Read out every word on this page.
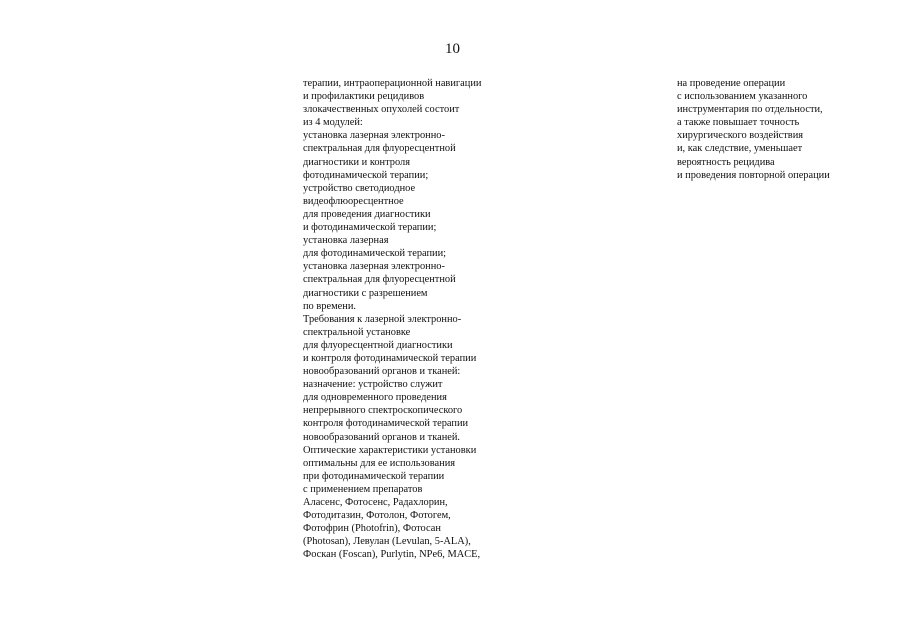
10
терапии, интраоперационной навигации
и профилактики рецидивов
злокачественных опухолей состоит
из 4 модулей:
установка лазерная электронно-
спектральная для флуоресцентной
диагностики и контроля
фотодинамической терапии;
устройство светодиодное
видеофлюоресцентное
для проведения диагностики
и фотодинамической терапии;
установка лазерная
для фотодинамической терапии;
установка лазерная электронно-
спектральная для флуоресцентной
диагностики с разрешением
по времени.
Требования к лазерной электронно-
спектральной установке
для флуоресцентной диагностики
и контроля фотодинамической терапии
новообразований органов и тканей:
назначение: устройство служит
для одновременного проведения
непрерывного спектроскопического
контроля фотодинамической терапии
новообразований органов и тканей.
Оптические характеристики установки
оптимальны для ее использования
при фотодинамической терапии
с применением препаратов
Аласенс, Фотосенс, Радахлорин,
Фотодитазин, Фотолон, Фотогем,
Фотофрин (Photofrin), Фотосан
(Photosan), Левулан (Levulan, 5-ALA),
Фоскан (Foscan), Purlytin, NPe6, MACE,
на проведение операции
с использованием указанного
инструментария по отдельности,
а также повышает точность
хирургического воздействия
и, как следствие, уменьшает
вероятность рецидива
и проведения повторной операции
